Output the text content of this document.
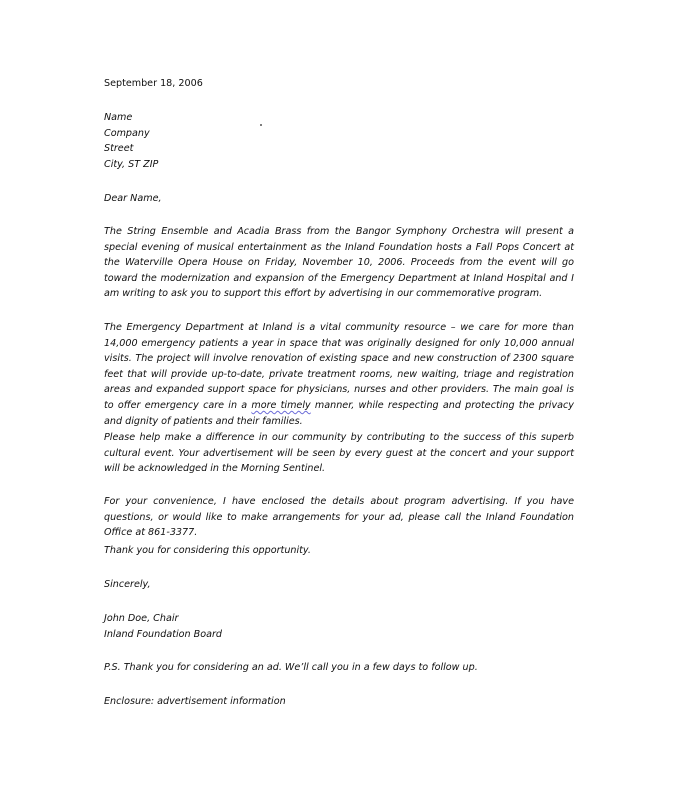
September 18, 2006

Name
Company
Street
City, ST ZIP

Dear Name,

The String Ensemble and Acadia Brass from the Bangor Symphony Orchestra will present a special evening of musical entertainment as the Inland Foundation hosts a Fall Pops Concert at the Waterville Opera House on Friday, November 10, 2006. Proceeds from the event will go toward the modernization and expansion of the Emergency Department at Inland Hospital and I am writing to ask you to support this effort by advertising in our commemorative program.

The Emergency Department at Inland is a vital community resource – we care for more than 14,000 emergency patients a year in space that was originally designed for only 10,000 annual visits. The project will involve renovation of existing space and new construction of 2300 square feet that will provide up-to-date, private treatment rooms, new waiting, triage and registration areas and expanded support space for physicians, nurses and other providers. The main goal is to offer emergency care in a more timely manner, while respecting and protecting the privacy and dignity of patients and their families.

Please help make a difference in our community by contributing to the success of this superb cultural event. Your advertisement will be seen by every guest at the concert and your support will be acknowledged in the Morning Sentinel.

For your convenience, I have enclosed the details about program advertising. If you have questions, or would like to make arrangements for your ad, please call the Inland Foundation Office at 861-3377.

Thank you for considering this opportunity.

Sincerely,

John Doe, Chair
Inland Foundation Board

P.S. Thank you for considering an ad. We’ll call you in a few days to follow up.

Enclosure: advertisement information
